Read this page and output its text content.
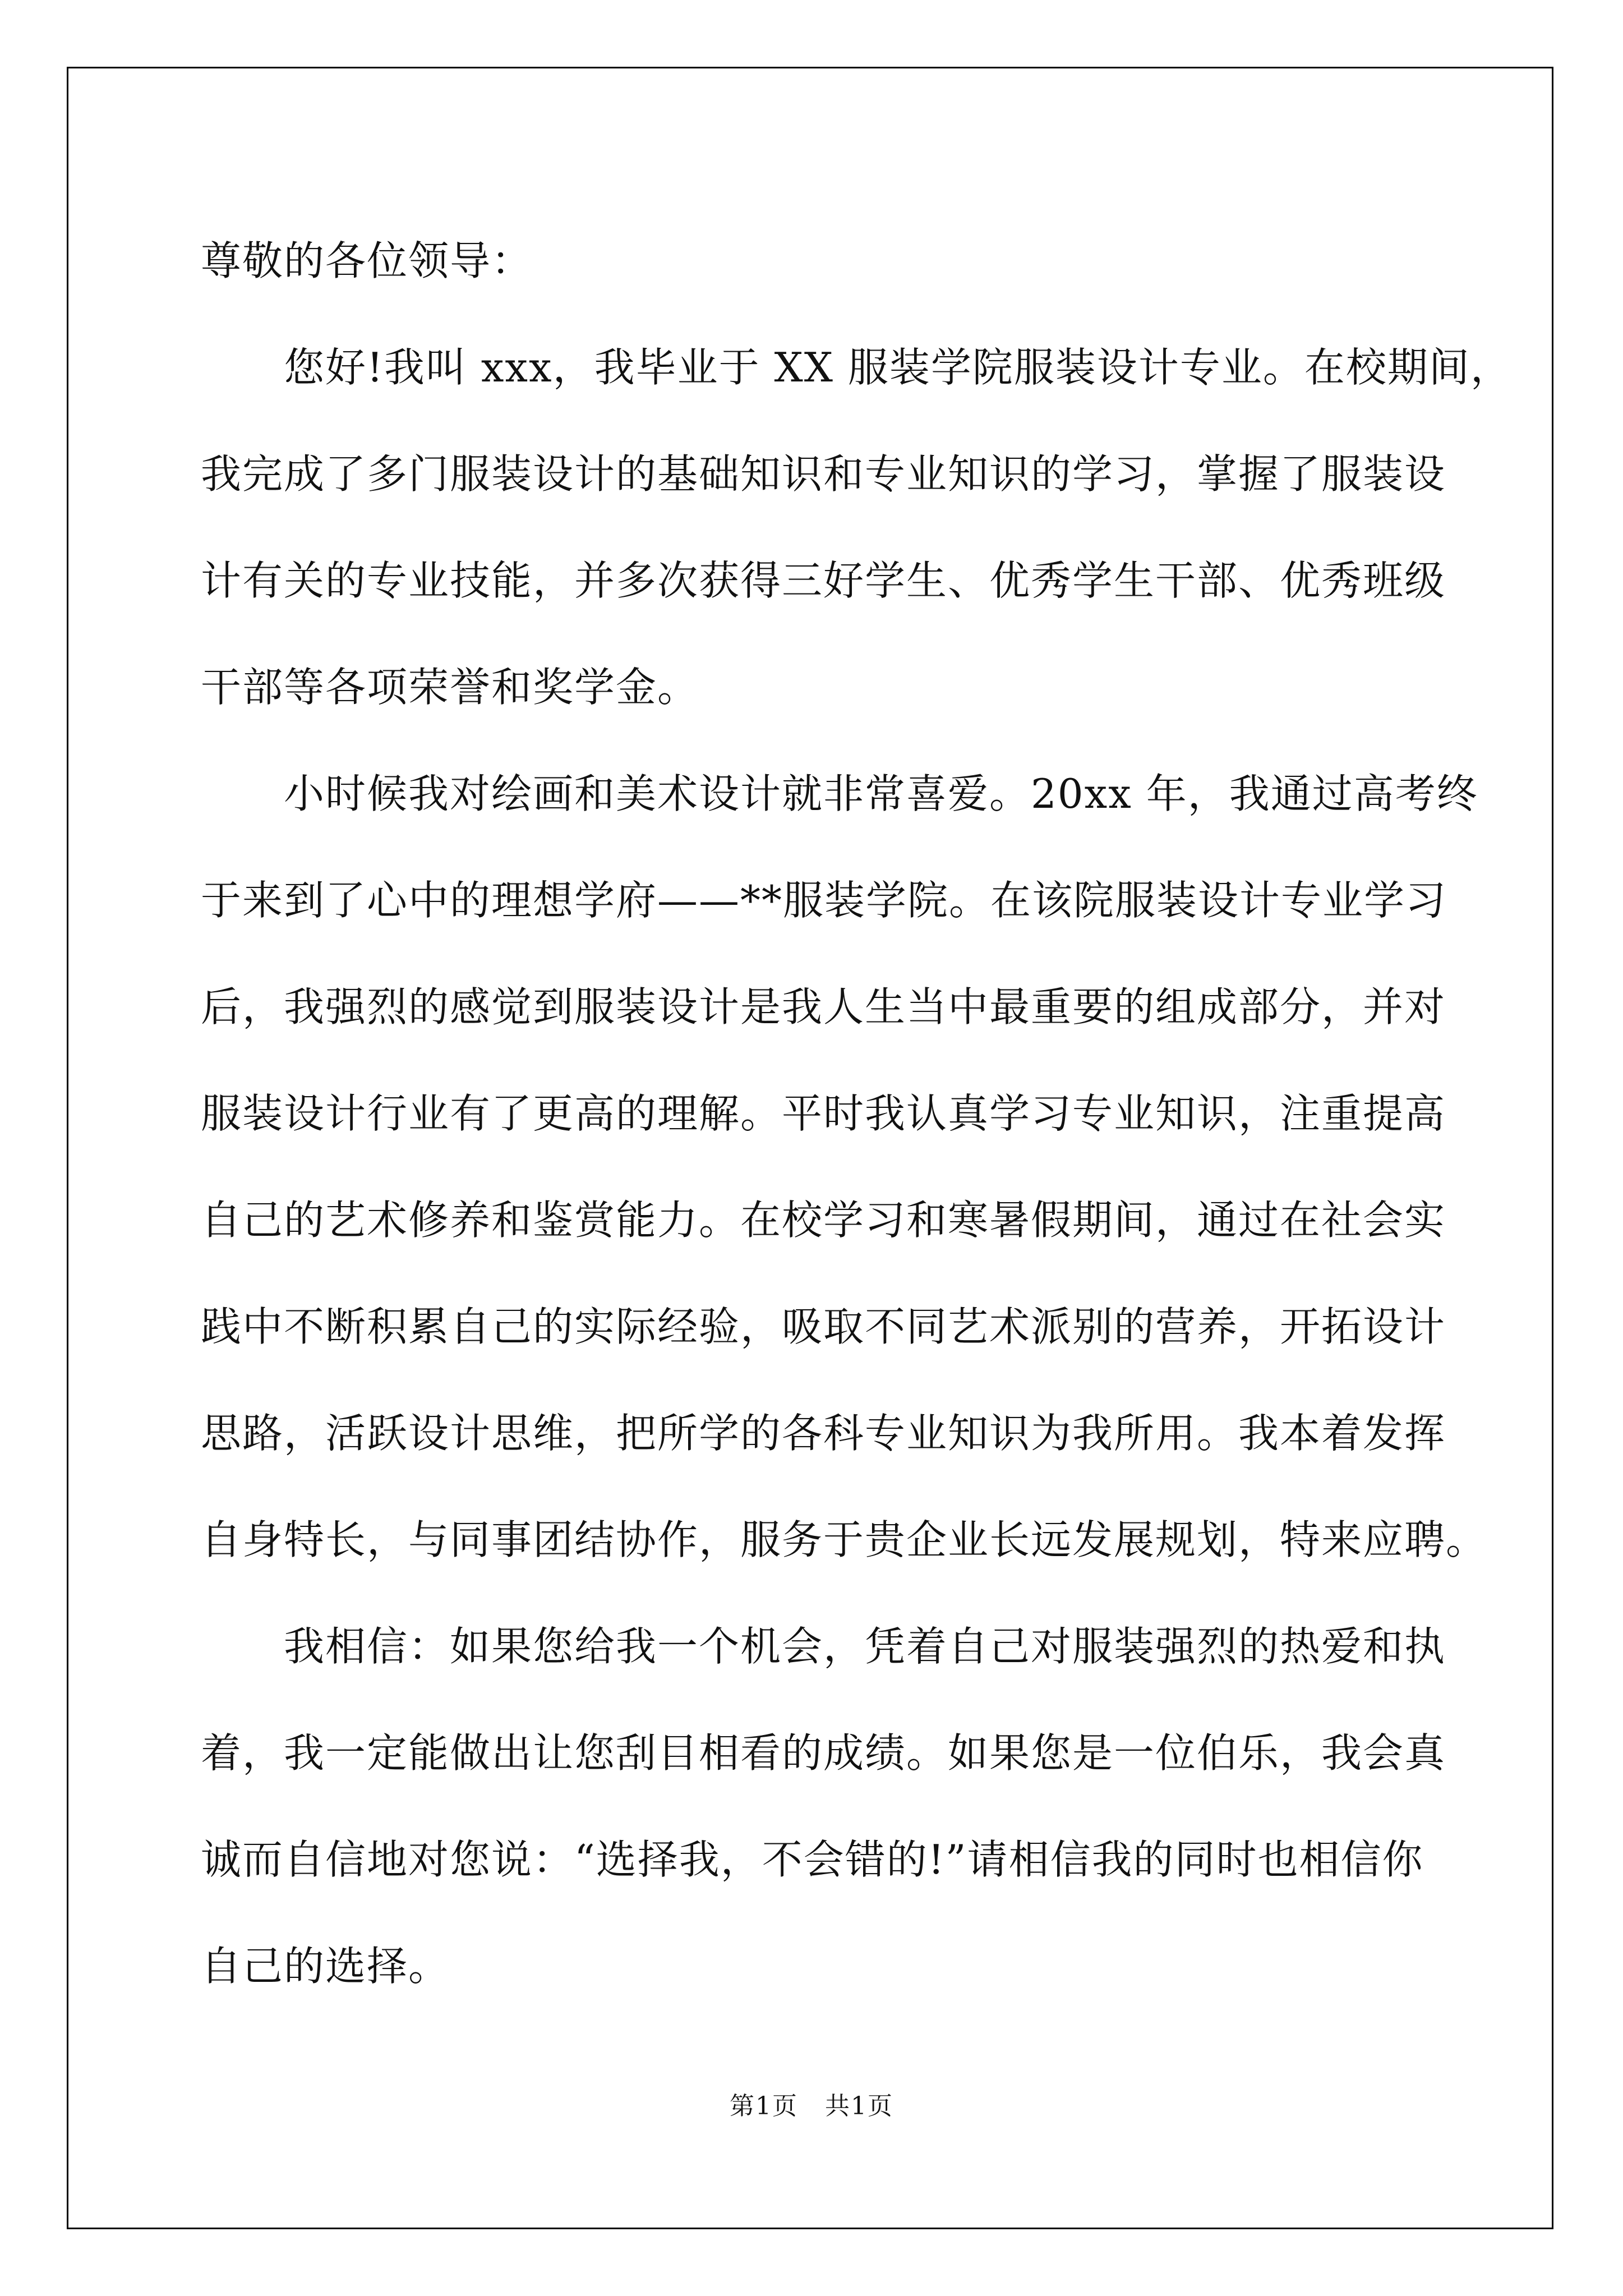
尊敬的各位领导：
　　您好!我叫 xxx，我毕业于 XX 服装学院服装设计专业。在校期间，
我完成了多门服装设计的基础知识和专业知识的学习，掌握了服装设
计有关的专业技能，并多次获得三好学生、优秀学生干部、优秀班级
干部等各项荣誉和奖学金。
　　小时候我对绘画和美术设计就非常喜爱。20xx 年，我通过高考终
于来到了心中的理想学府——**服装学院。在该院服装设计专业学习
后，我强烈的感觉到服装设计是我人生当中最重要的组成部分，并对
服装设计行业有了更高的理解。平时我认真学习专业知识，注重提高
自己的艺术修养和鉴赏能力。在校学习和寒暑假期间，通过在社会实
践中不断积累自己的实际经验，吸取不同艺术派别的营养，开拓设计
思路，活跃设计思维，把所学的各科专业知识为我所用。我本着发挥
自身特长，与同事团结协作，服务于贵企业长远发展规划，特来应聘。
　　我相信：如果您给我一个机会，凭着自己对服装强烈的热爱和执
着，我一定能做出让您刮目相看的成绩。如果您是一位伯乐，我会真
诚而自信地对您说：“选择我，不会错的!”请相信我的同时也相信你
自己的选择。
第1页 共1页
